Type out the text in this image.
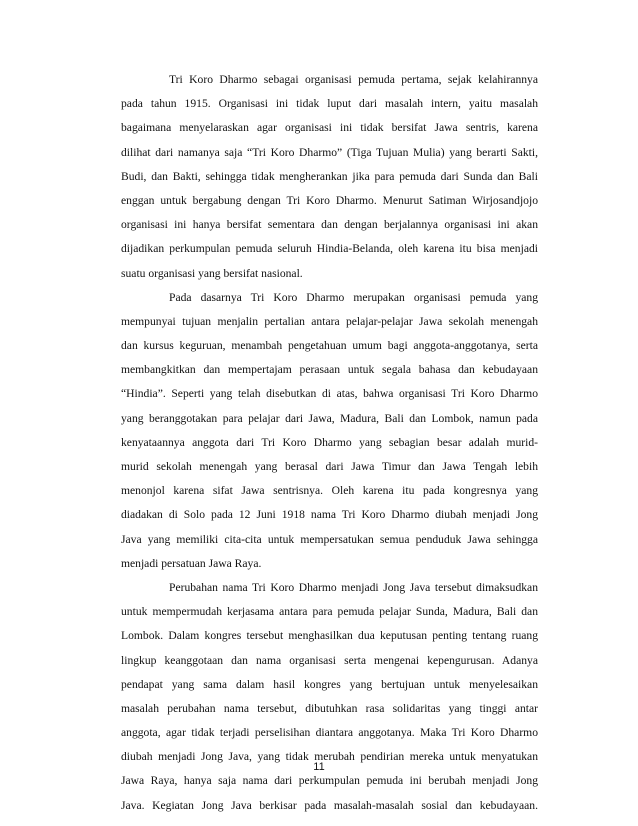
Tri Koro Dharmo sebagai organisasi pemuda pertama, sejak kelahirannya
pada tahun 1915. Organisasi ini tidak luput dari masalah intern, yaitu masalah
bagaimana menyelaraskan agar organisasi ini tidak bersifat Jawa sentris, karena
dilihat dari namanya saja “Tri Koro Dharmo” (Tiga Tujuan Mulia) yang berarti Sakti,
Budi, dan Bakti, sehingga tidak mengherankan jika para pemuda dari Sunda dan Bali
enggan untuk bergabung dengan Tri Koro Dharmo. Menurut Satiman Wirjosandjojo
organisasi ini hanya bersifat sementara dan dengan berjalannya organisasi ini akan
dijadikan perkumpulan pemuda seluruh Hindia-Belanda, oleh karena itu bisa menjadi
suatu organisasi yang bersifat nasional.
Pada dasarnya Tri Koro Dharmo merupakan organisasi pemuda yang
mempunyai tujuan menjalin pertalian antara pelajar-pelajar Jawa sekolah menengah
dan kursus keguruan, menambah pengetahuan umum bagi anggota-anggotanya, serta
membangkitkan dan mempertajam perasaan untuk segala bahasa dan kebudayaan
“Hindia”. Seperti yang telah disebutkan di atas, bahwa organisasi Tri Koro Dharmo
yang beranggotakan para pelajar dari Jawa, Madura, Bali dan Lombok, namun pada
kenyataannya anggota dari Tri Koro Dharmo yang sebagian besar adalah murid-
murid sekolah menengah yang berasal dari Jawa Timur dan Jawa Tengah lebih
menonjol karena sifat Jawa sentrisnya. Oleh karena itu pada kongresnya yang
diadakan di Solo pada 12 Juni 1918 nama Tri Koro Dharmo diubah menjadi Jong
Java yang memiliki cita-cita untuk mempersatukan semua penduduk Jawa sehingga
menjadi persatuan Jawa Raya.
Perubahan nama Tri Koro Dharmo menjadi Jong Java tersebut dimaksudkan
untuk mempermudah kerjasama antara para pemuda pelajar Sunda, Madura, Bali dan
Lombok. Dalam kongres tersebut menghasilkan dua keputusan penting tentang ruang
lingkup keanggotaan dan nama organisasi serta mengenai kepengurusan. Adanya
pendapat yang sama dalam hasil kongres yang bertujuan untuk menyelesaikan
masalah perubahan nama tersebut, dibutuhkan rasa solidaritas yang tinggi antar
anggota, agar tidak terjadi perselisihan diantara anggotanya. Maka Tri Koro Dharmo
diubah menjadi Jong Java, yang tidak merubah pendirian mereka untuk menyatukan
Jawa Raya, hanya saja nama dari perkumpulan pemuda ini berubah menjadi Jong
Java. Kegiatan Jong Java berkisar pada masalah-masalah sosial dan kebudayaan.
11
